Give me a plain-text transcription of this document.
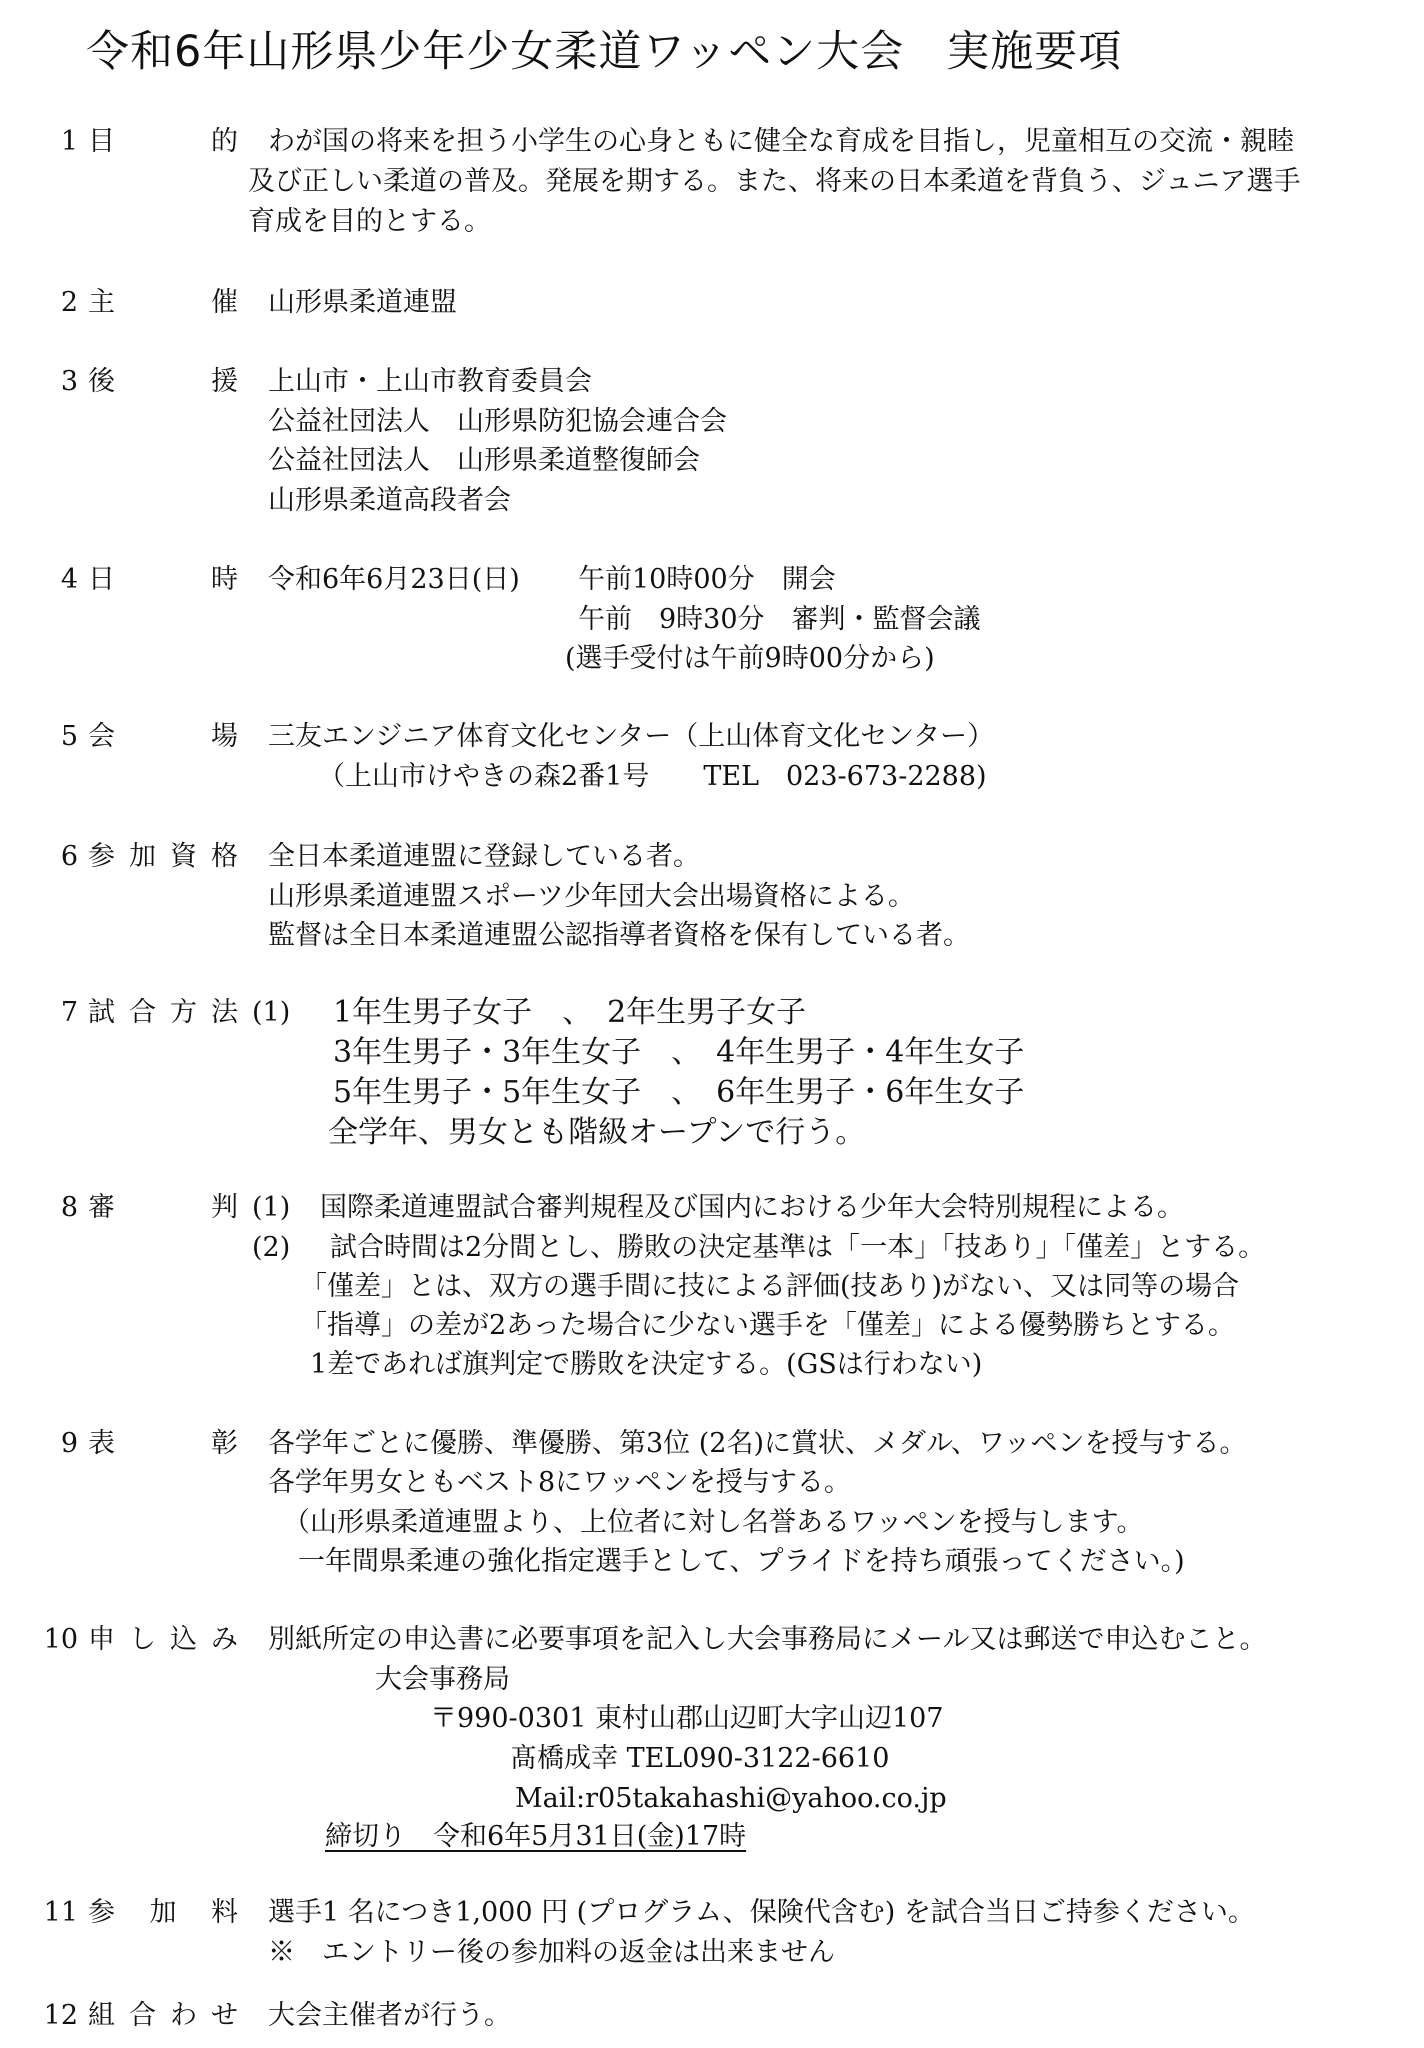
令和6年山形県少年少女柔道ワッペン大会 実施要項
1 目	的 わが国の将来を担う小学生の心身ともに健全な育成を目指し，児童相互の交流・親睦
及び正しい柔道の普及。発展を期する。また、将来の日本柔道を背負う、ジュニア選手
育成を目的とする。
2 主	催 山形県柔道連盟
3 後	援 上山市・上山市教育委員会
公益社団法人　山形県防犯協会連合会
公益社団法人　山形県柔道整復師会
山形県柔道高段者会
4 日	時 令和6年6月23日(日) 午前10時00分　開会
午前　9時30分　審判・監督会議
(選手受付は午前9時00分から)
5 会	場 三友エンジニア体育文化センター（上山体育文化センター）
（上山市けやきの森2番1号　　TEL　023-673-2288)
6 参 加 資 格 全日本柔道連盟に登録している者。
山形県柔道連盟スポーツ少年団大会出場資格による。
監督は全日本柔道連盟公認指導者資格を保有している者。
7 試 合 方 法 (1) 1年生男子女子　、　2年生男子女子
3年生男子・3年生女子　、　4年生男子・4年生女子
5年生男子・5年生女子　、　6年生男子・6年生女子
全学年、男女とも階級オープンで行う。
8 審	判 (1) 国際柔道連盟試合審判規程及び国内における少年大会特別規程による。
(2) 試合時間は2分間とし、勝敗の決定基準は「一本」「技あり」「僅差」とする。
「僅差」とは、双方の選手間に技による評価(技あり)がない、又は同等の場合
「指導」の差が2あった場合に少ない選手を「僅差」による優勢勝ちとする。
1差であれば旗判定で勝敗を決定する。(GSは行わない)
9 表	彰 各学年ごとに優勝、準優勝、第3位 (2名)に賞状、メダル、ワッペンを授与する。
各学年男女ともベスト8にワッペンを授与する。
（山形県柔道連盟より、上位者に対し名誉あるワッペンを授与します。
一年間県柔連の強化指定選手として、プライドを持ち頑張ってください。)
10 申 し 込 み 別紙所定の申込書に必要事項を記入し大会事務局にメール又は郵送で申込むこと。
大会事務局
〒990-0301 東村山郡山辺町大字山辺107
髙橋成幸 TEL090-3122-6610
Mail:r05takahashi@yahoo.co.jp
締切り　令和6年5月31日(金)17時
11 参 加 料 選手1 名につき1,000 円 (プログラム、保険代含む) を試合当日ご持参ください。
※　エントリー後の参加料の返金は出来ません
12 組 合 わ せ 大会主催者が行う。
